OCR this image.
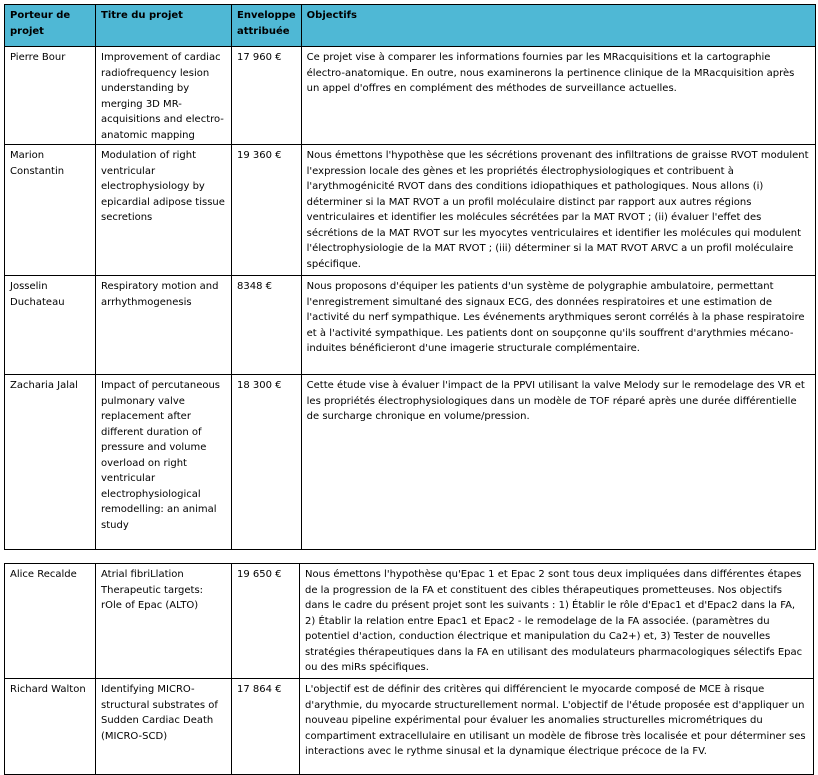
Porteur de projet	Titre du projet	Enveloppe attribuée	Objectifs
Pierre Bour	Improvement of cardiac radiofrequency lesion understanding by merging 3D MR-acquisitions and electro-anatomic mapping	17 960 €	Ce projet vise à comparer les informations fournies par les MRacquisitions et la cartographie électro-anatomique. En outre, nous examinerons la pertinence clinique de la MRacquisition après un appel d'offres en complément des méthodes de surveillance actuelles.
Marion Constantin	Modulation of right ventricular electrophysiology by epicardial adipose tissue secretions	19 360 €	Nous émettons l'hypothèse que les sécrétions provenant des infiltrations de graisse RVOT modulent l'expression locale des gènes et les propriétés électrophysiologiques et contribuent à l'arythmogénicité RVOT dans des conditions idiopathiques et pathologiques. Nous allons (i) déterminer si la MAT RVOT a un profil moléculaire distinct par rapport aux autres régions ventriculaires et identifier les molécules sécrétées par la MAT RVOT ; (ii) évaluer l'effet des sécrétions de la MAT RVOT sur les myocytes ventriculaires et identifier les molécules qui modulent l'électrophysiologie de la MAT RVOT ; (iii) déterminer si la MAT RVOT ARVC a un profil moléculaire spécifique.
Josselin Duchateau	Respiratory motion and arrhythmogenesis	8348 €	Nous proposons d'équiper les patients d'un système de polygraphie ambulatoire, permettant l'enregistrement simultané des signaux ECG, des données respiratoires et une estimation de l'activité du nerf sympathique. Les événements arythmiques seront corrélés à la phase respiratoire et à l'activité sympathique. Les patients dont on soupçonne qu'ils souffrent d'arythmies mécano-induites bénéficieront d'une imagerie structurale complémentaire.
Zacharia Jalal	Impact of percutaneous pulmonary valve replacement after different duration of pressure and volume overload on right ventricular electrophysiological remodelling: an animal study	18 300 €	Cette étude vise à évaluer l'impact de la PPVI utilisant la valve Melody sur le remodelage des VR et les propriétés électrophysiologiques dans un modèle de TOF réparé après une durée différentielle de surcharge chronique en volume/pression.
Alice Recalde	Atrial fibriLlation Therapeutic targets: rOle of Epac (ALTO)	19 650 €	Nous émettons l'hypothèse qu'Epac 1 et Epac 2 sont tous deux impliquées dans différentes étapes de la progression de la FA et constituent des cibles thérapeutiques prometteuses. Nos objectifs dans le cadre du présent projet sont les suivants : 1) Établir le rôle d'Epac1 et d'Epac2 dans la FA, 2) Établir la relation entre Epac1 et Epac2 - le remodelage de la FA associée. (paramètres du potentiel d'action, conduction électrique et manipulation du Ca2+) et, 3) Tester de nouvelles stratégies thérapeutiques dans la FA en utilisant des modulateurs pharmacologiques sélectifs Epac ou des miRs spécifiques.
Richard Walton	Identifying MICRO-structural substrates of Sudden Cardiac Death (MICRO-SCD)	17 864 €	L'objectif est de définir des critères qui différencient le myocarde composé de MCE à risque d'arythmie, du myocarde structurellement normal. L'objectif de l'étude proposée est d'appliquer un nouveau pipeline expérimental pour évaluer les anomalies structurelles micrométriques du compartiment extracellulaire en utilisant un modèle de fibrose très localisée et pour déterminer ses interactions avec le rythme sinusal et la dynamique électrique précoce de la FV.
